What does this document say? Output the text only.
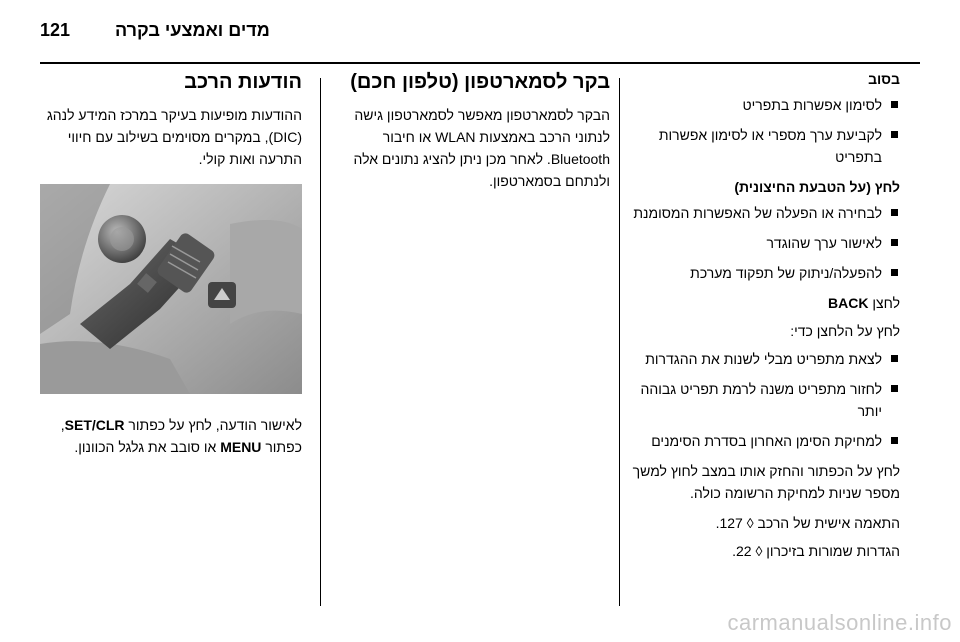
121 מדים ואמצעי בקרה
בסוב
לסימון אפשרות בתפריט
לקביעת ערך מספרי או לסימון אפשרות בתפריט

לחץ (על הטבעת החיצונית)

לבחירה או הפעלה של האפשרות המסומנת
לאישור ערך שהוגדר
להפעלה/ניתוק של תפקוד מערכת

לחצן BACK

לחץ על הלחצן כדי:

לצאת מתפריט מבלי לשנות את ההגדרות
לחזור מתפריט משנה לרמת תפריט גבוהה יותר
למחיקת הסימן האחרון בסדרת הסימנים

לחץ על הכפתור והחזק אותו במצב לחוץ למשך מספר שניות למחיקת הרשומה כולה.

התאמה אישית של הרכב ◊ 127.

הגדרות שמורות בזיכרון ◊ 22.

בקר לסמארטפון (טלפון חכם)

הבקר לסמארטפון מאפשר לסמארטפון גישה לנתוני הרכב באמצעות WLAN או חיבור Bluetooth. לאחר מכן ניתן להציג נתונים אלה ולנתחם בסמארטפון.

הודעות הרכב

ההודעות מופיעות בעיקר במרכז המידע לנהג (DIC), במקרים מסוימים בשילוב עם חיווי התרעה ואות קולי.

לאישור הודעה, לחץ על כפתור SET/CLR, כפתור MENU או סובב את גלגל הכוונון.

carmanualsonline.info
